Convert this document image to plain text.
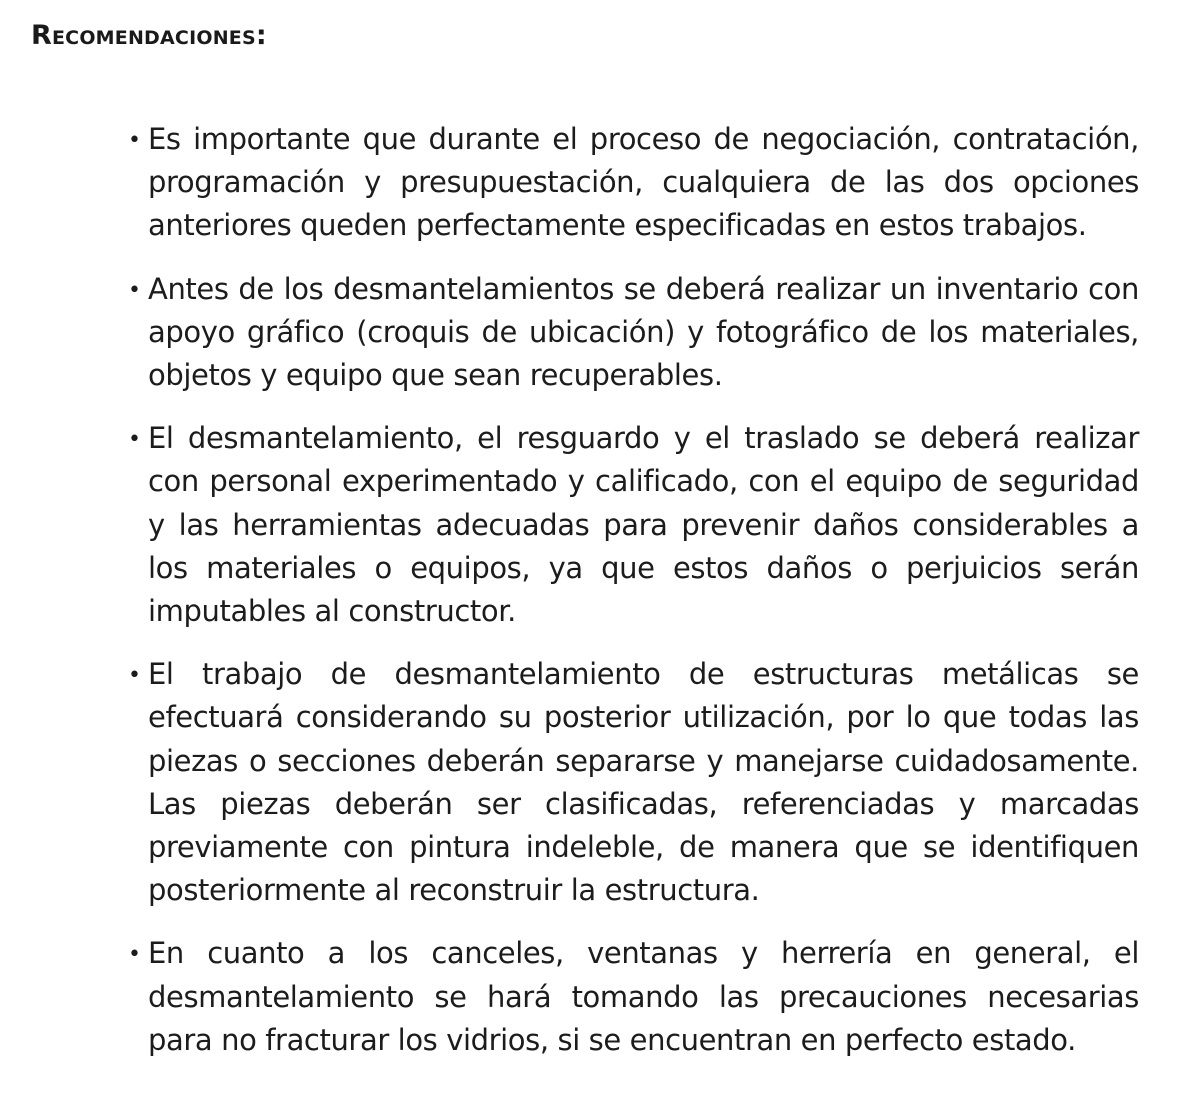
Recomendaciones:
• Es importante que durante el proceso de negociación, contratación, programación y presupuestación, cualquiera de las dos opciones anteriores queden perfectamente especificadas en estos trabajos.
• Antes de los desmantelamientos se deberá realizar un inventario con apoyo gráfico (croquis de ubicación) y fotográfico de los materiales, objetos y equipo que sean recuperables.
• El desmantelamiento, el resguardo y el traslado se deberá realizar con personal experimentado y calificado, con el equipo de seguridad y las herramientas adecuadas para prevenir daños considerables a los materiales o equipos, ya que estos daños o perjuicios serán imputables al constructor.
• El trabajo de desmantelamiento de estructuras metálicas se efectuará considerando su posterior utilización, por lo que todas las piezas o secciones deberán separarse y manejarse cuidadosamente. Las piezas deberán ser clasificadas, referenciadas y marcadas previamente con pintura indeleble, de manera que se identifiquen posteriormente al reconstruir la estructura.
• En cuanto a los canceles, ventanas y herrería en general, el desmantelamiento se hará tomando las precauciones necesarias para no fracturar los vidrios, si se encuentran en perfecto estado.
